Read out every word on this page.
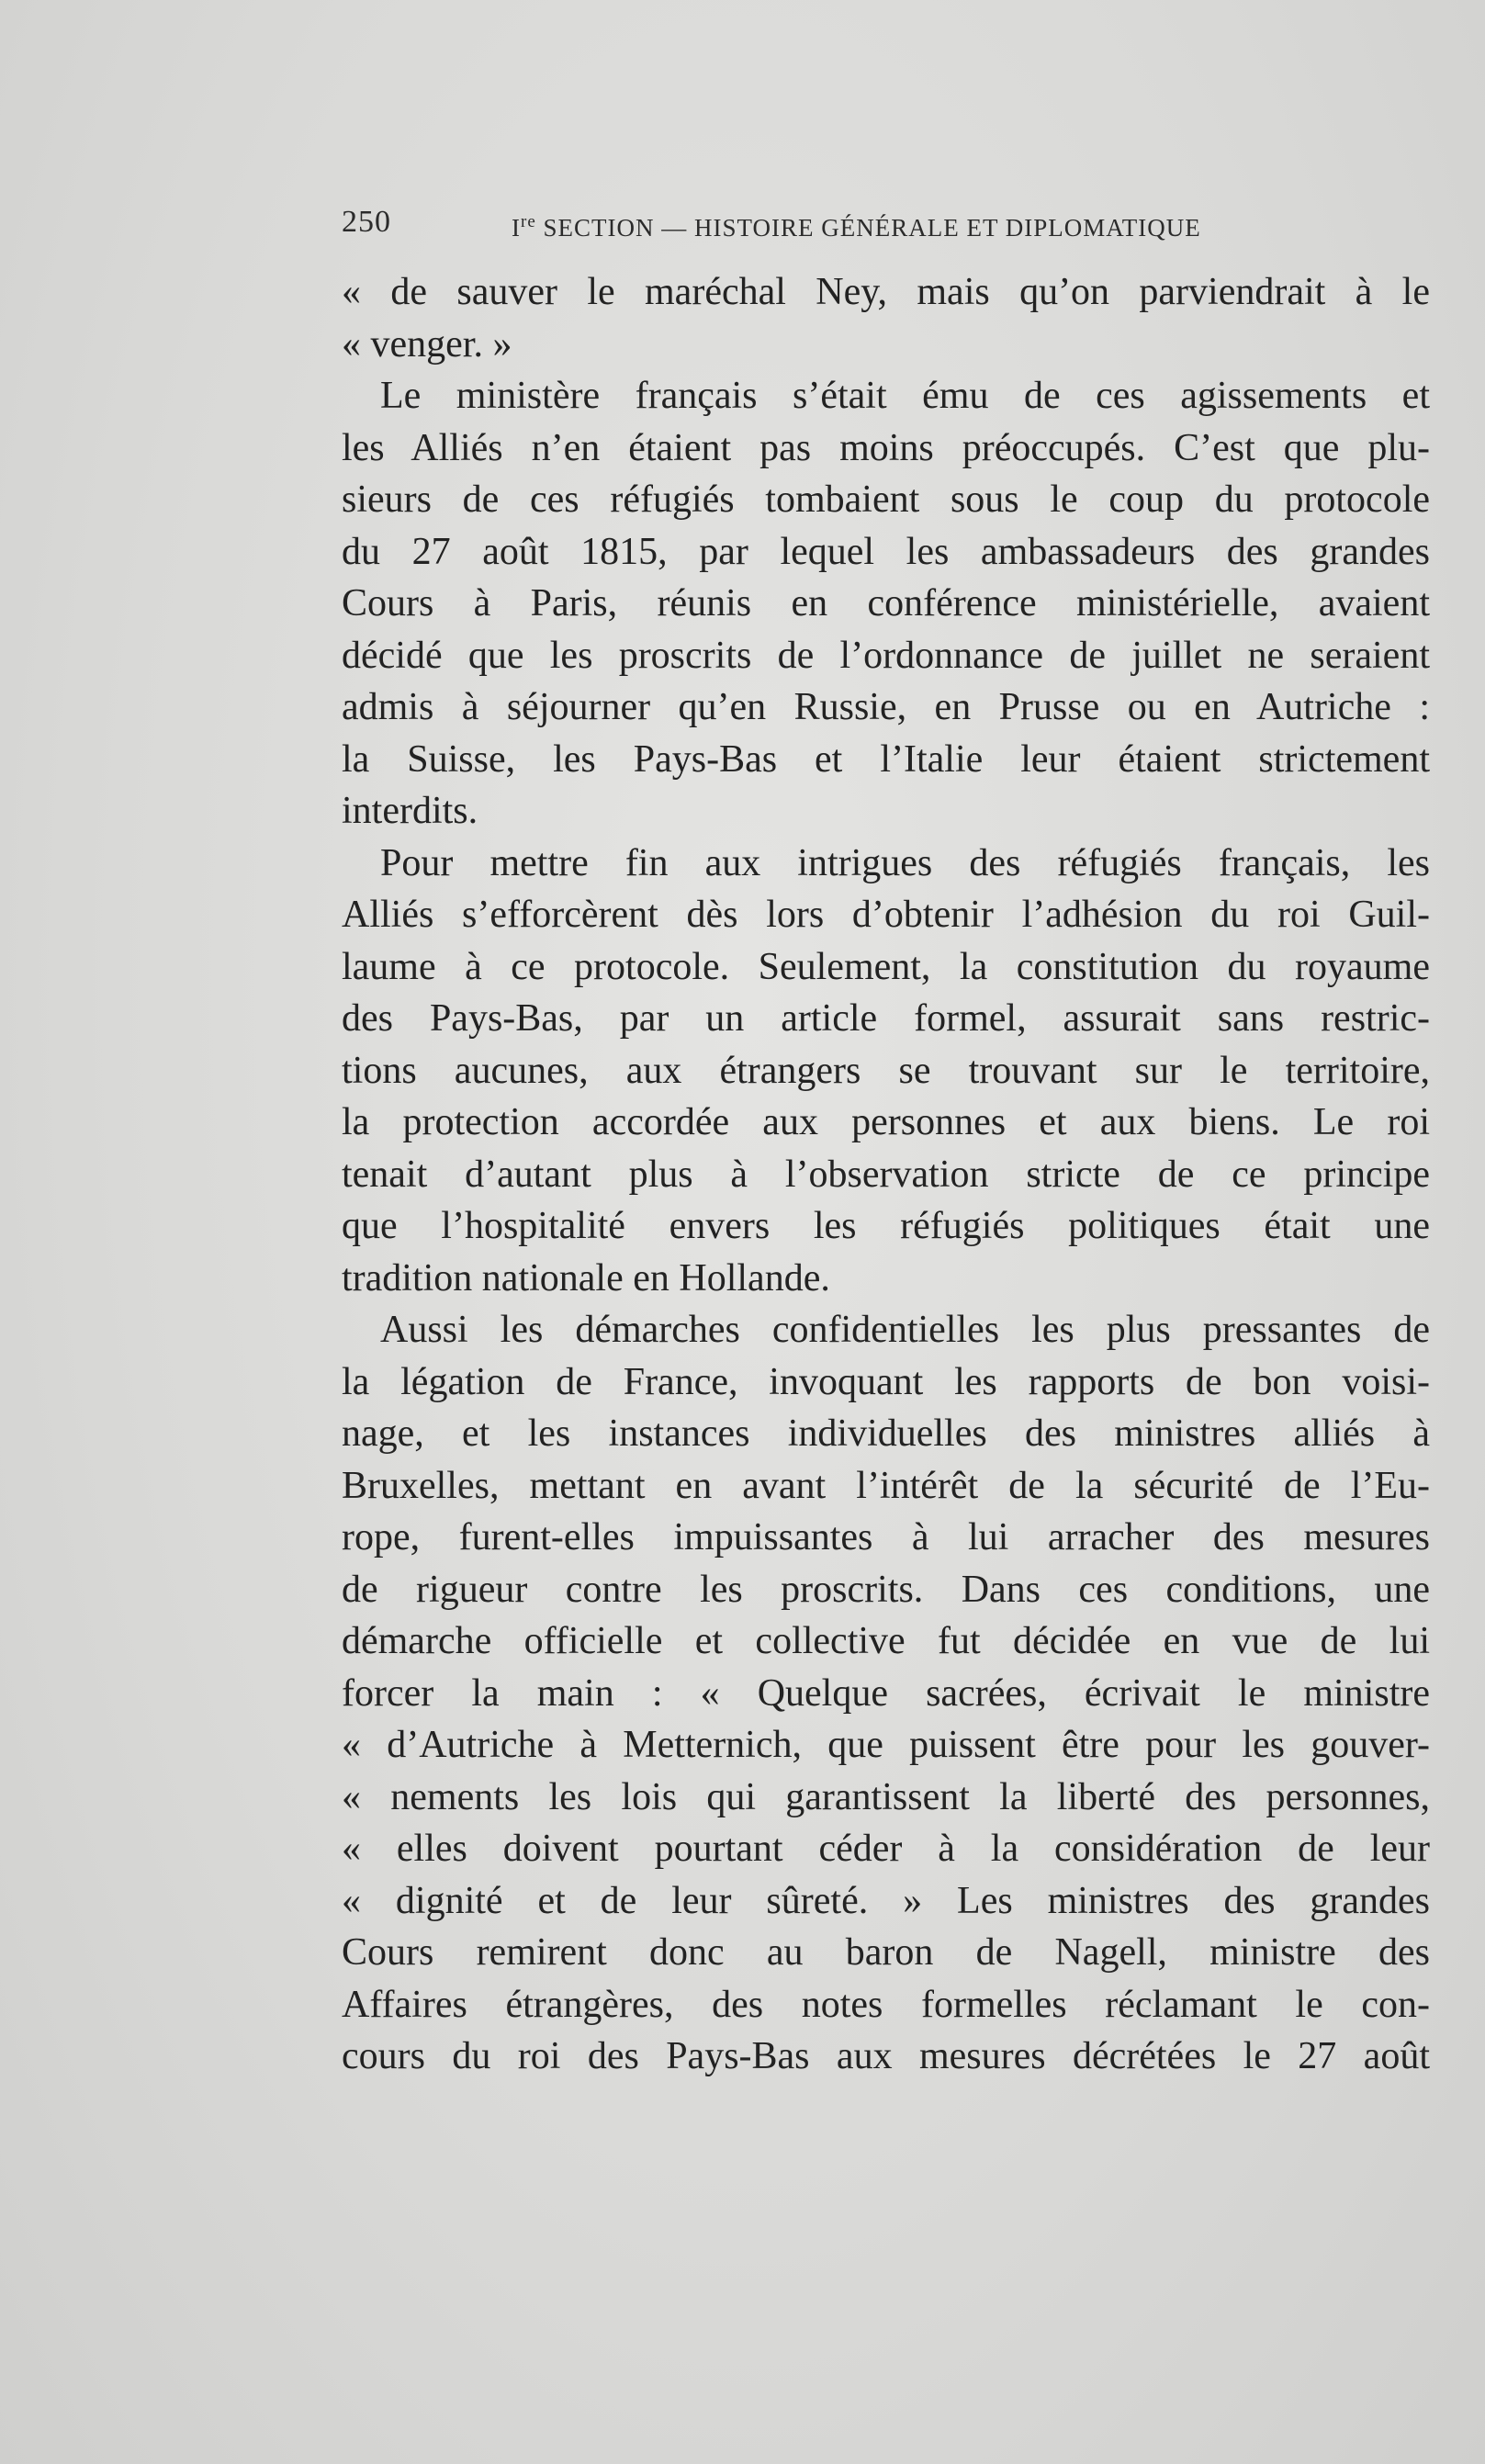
250	Ire SECTION — HISTOIRE GÉNÉRALE ET DIPLOMATIQUE
« de sauver le maréchal Ney, mais qu’on parviendrait à le
« venger. »
Le ministère français s’était ému de ces agissements et
les Alliés n’en étaient pas moins préoccupés. C’est que plu-
sieurs de ces réfugiés tombaient sous le coup du protocole
du 27 août 1815, par lequel les ambassadeurs des grandes
Cours à Paris, réunis en conférence ministérielle, avaient
décidé que les proscrits de l’ordonnance de juillet ne seraient
admis à séjourner qu’en Russie, en Prusse ou en Autriche :
la Suisse, les Pays-Bas et l’Italie leur étaient strictement
interdits.
Pour mettre fin aux intrigues des réfugiés français, les
Alliés s’efforcèrent dès lors d’obtenir l’adhésion du roi Guil-
laume à ce protocole. Seulement, la constitution du royaume
des Pays-Bas, par un article formel, assurait sans restric-
tions aucunes, aux étrangers se trouvant sur le territoire,
la protection accordée aux personnes et aux biens. Le roi
tenait d’autant plus à l’observation stricte de ce principe
que l’hospitalité envers les réfugiés politiques était une
tradition nationale en Hollande.
Aussi les démarches confidentielles les plus pressantes de
la légation de France, invoquant les rapports de bon voisi-
nage, et les instances individuelles des ministres alliés à
Bruxelles, mettant en avant l’intérêt de la sécurité de l’Eu-
rope, furent-elles impuissantes à lui arracher des mesures
de rigueur contre les proscrits. Dans ces conditions, une
démarche officielle et collective fut décidée en vue de lui
forcer la main : « Quelque sacrées, écrivait le ministre
« d’Autriche à Metternich, que puissent être pour les gouver-
« nements les lois qui garantissent la liberté des personnes,
« elles doivent pourtant céder à la considération de leur
« dignité et de leur sûreté. » Les ministres des grandes
Cours remirent donc au baron de Nagell, ministre des
Affaires étrangères, des notes formelles réclamant le con-
cours du roi des Pays-Bas aux mesures décrétées le 27 août
